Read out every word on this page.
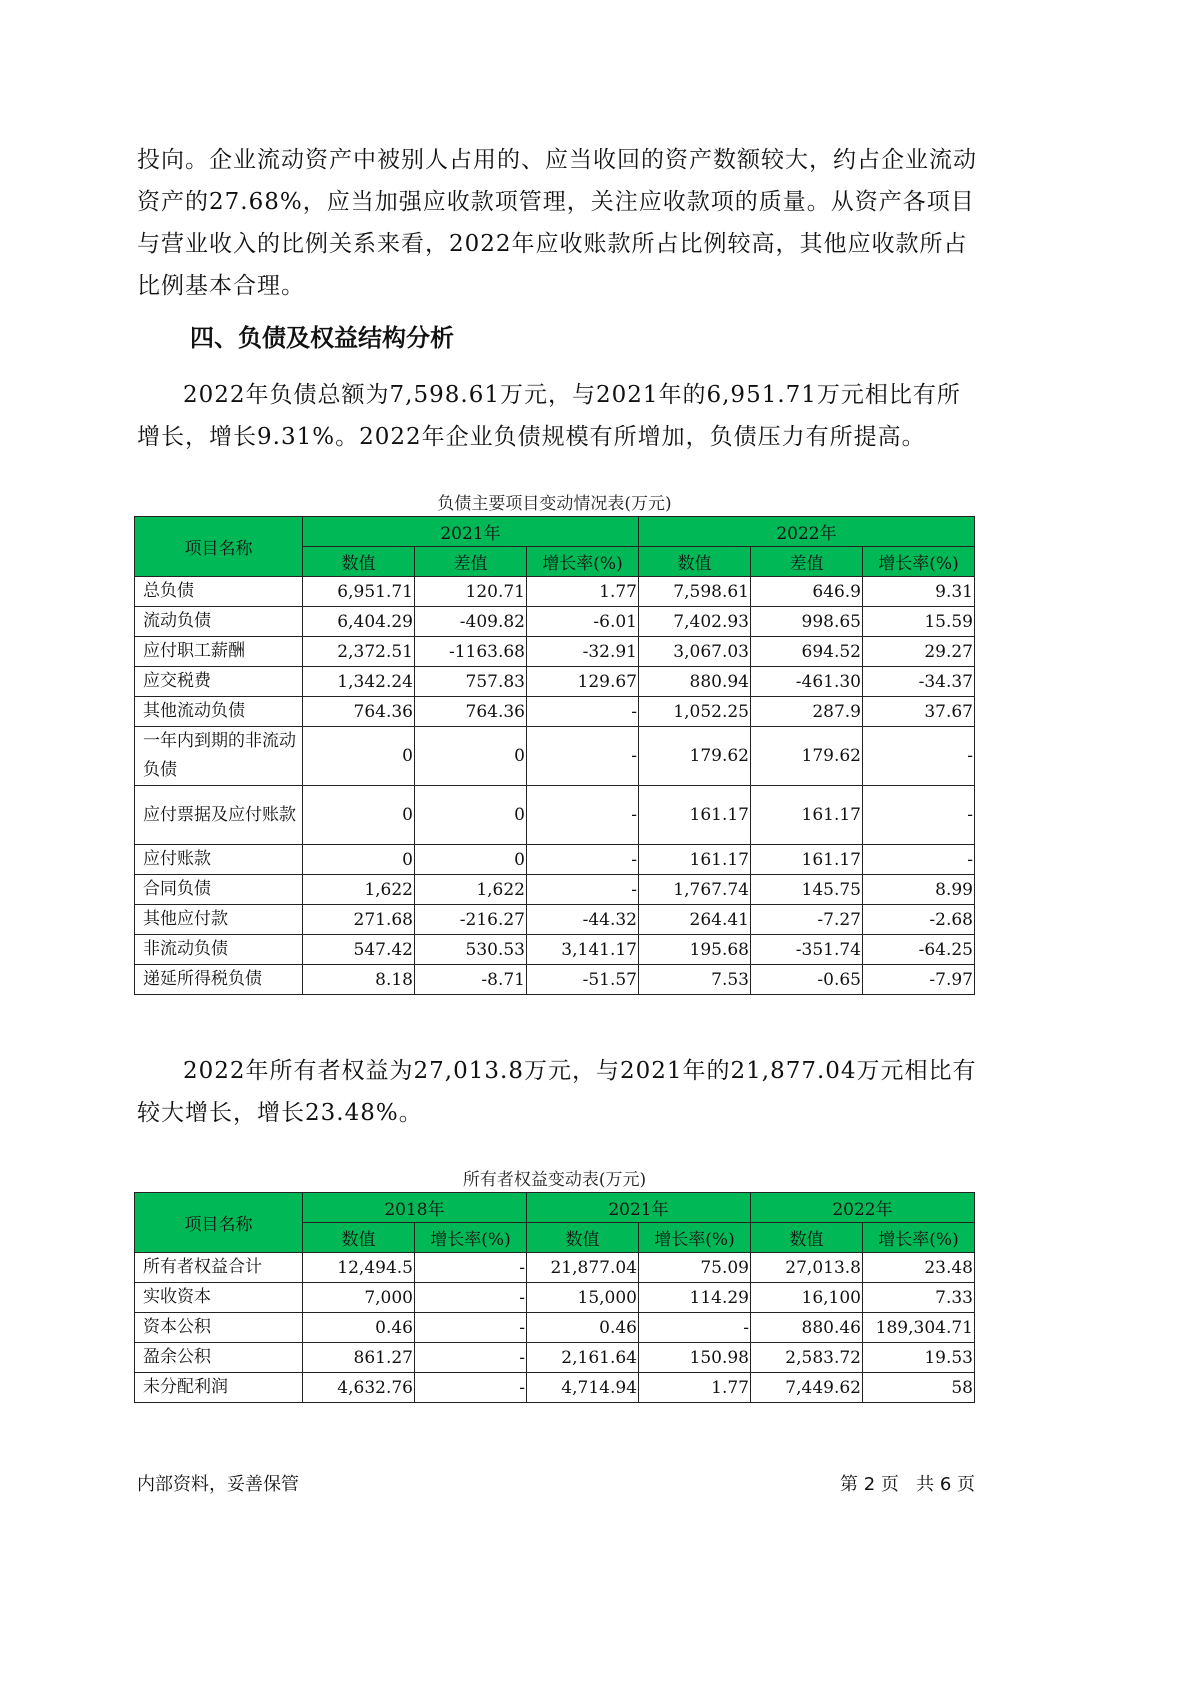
投向。企业流动资产中被别人占用的、应当收回的资产数额较大，约占企业流动资产的27.68%，应当加强应收款项管理，关注应收款项的质量。从资产各项目与营业收入的比例关系来看，2022年应收账款所占比例较高，其他应收款所占比例基本合理。

四、负债及权益结构分析

2022年负债总额为7,598.61万元，与2021年的6,951.71万元相比有所增长，增长9.31%。2022年企业负债规模有所增加，负债压力有所提高。

负债主要项目变动情况表(万元)
项目名称	2021年			2022年		
	数值	差值	增长率(%)	数值	差值	增长率(%)
总负债	6,951.71	120.71	1.77	7,598.61	646.9	9.31
流动负债	6,404.29	-409.82	-6.01	7,402.93	998.65	15.59
应付职工薪酬	2,372.51	-1163.68	-32.91	3,067.03	694.52	29.27
应交税费	1,342.24	757.83	129.67	880.94	-461.30	-34.37
其他流动负债	764.36	764.36	-	1,052.25	287.9	37.67
一年内到期的非流动负债	0	0	-	179.62	179.62	-
应付票据及应付账款	0	0	-	161.17	161.17	-
应付账款	0	0	-	161.17	161.17	-
合同负债	1,622	1,622	-	1,767.74	145.75	8.99
其他应付款	271.68	-216.27	-44.32	264.41	-7.27	-2.68
非流动负债	547.42	530.53	3,141.17	195.68	-351.74	-64.25
递延所得税负债	8.18	-8.71	-51.57	7.53	-0.65	-7.97

2022年所有者权益为27,013.8万元，与2021年的21,877.04万元相比有较大增长，增长23.48%。

所有者权益变动表(万元)
项目名称	2018年		2021年		2022年	
	数值	增长率(%)	数值	增长率(%)	数值	增长率(%)
所有者权益合计	12,494.5	-	21,877.04	75.09	27,013.8	23.48
实收资本	7,000	-	15,000	114.29	16,100	7.33
资本公积	0.46	-	0.46	-	880.46	189,304.71
盈余公积	861.27	-	2,161.64	150.98	2,583.72	19.53
未分配利润	4,632.76	-	4,714.94	1.77	7,449.62	58
内部资料，妥善保管	第 2 页   共 6 页
